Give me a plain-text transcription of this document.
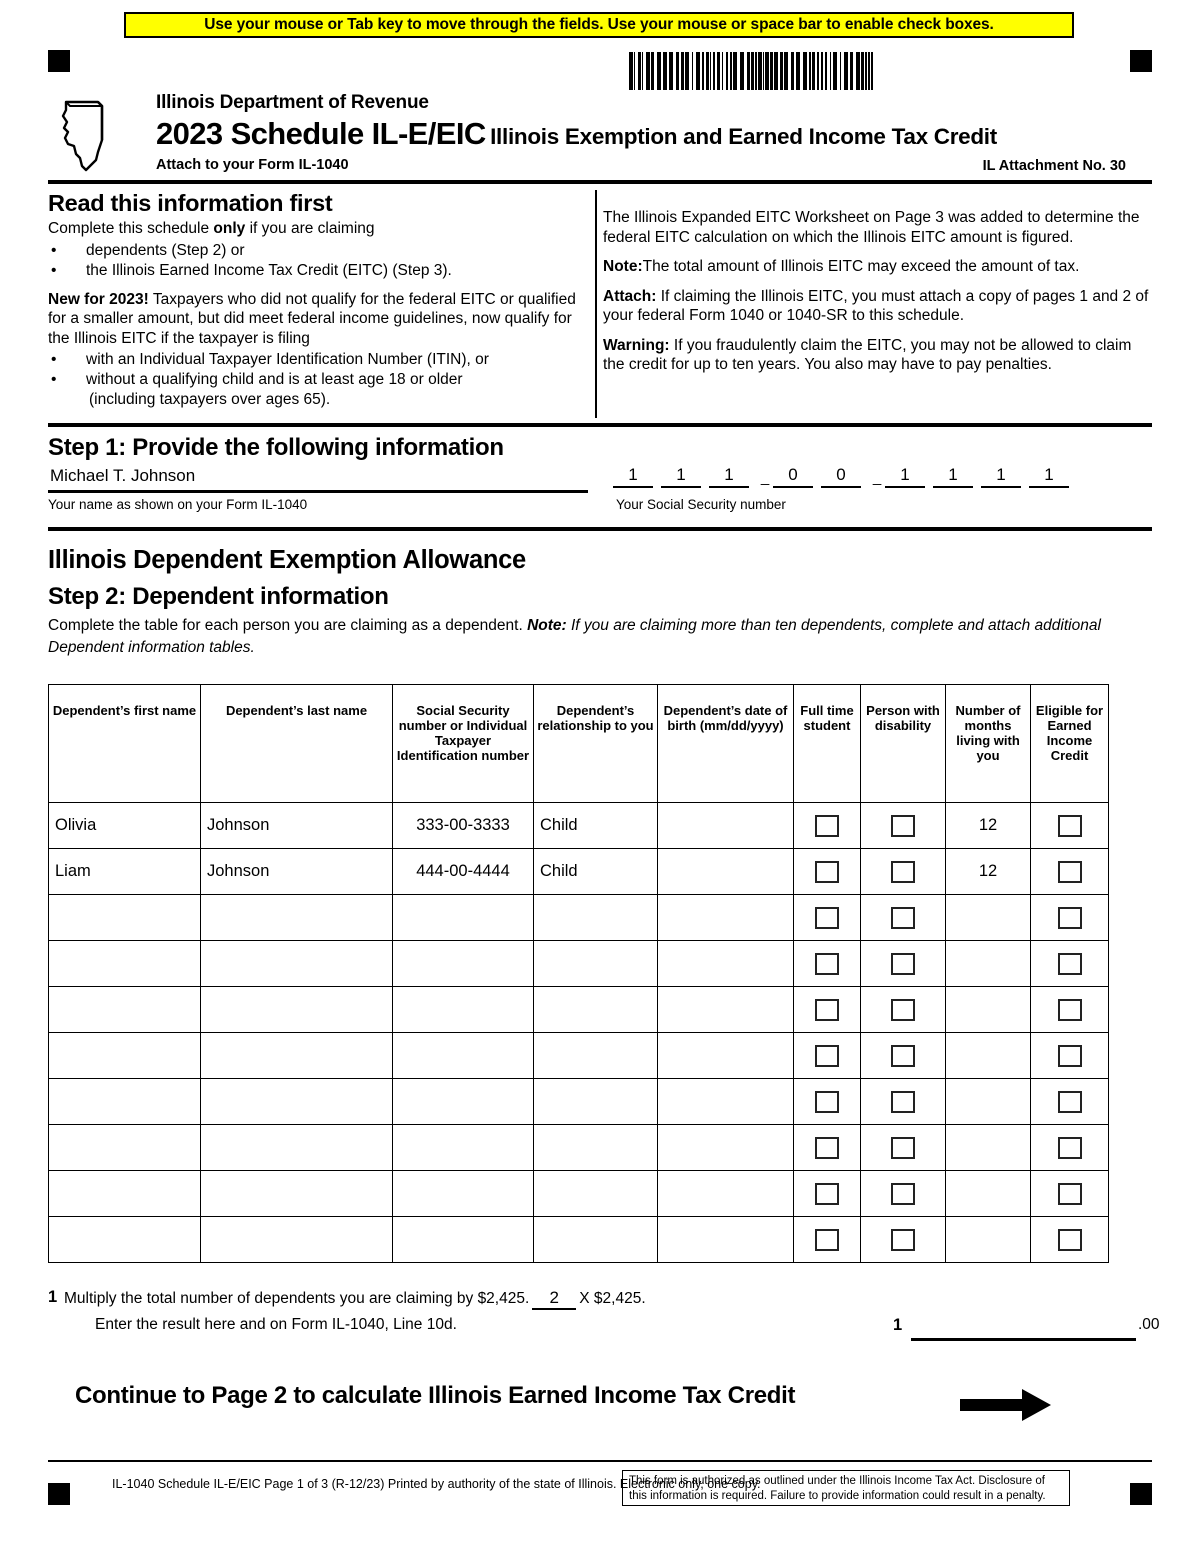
Use your mouse or Tab key to move through the fields. Use your mouse or space bar to enable check boxes.
Illinois Department of Revenue
2023 Schedule IL-E/EIC Illinois Exemption and Earned Income Tax Credit
Attach to your Form IL-1040	IL Attachment No. 30
Read this information first
Complete this schedule only if you are claiming
•	dependents (Step 2) or
•	the Illinois Earned Income Tax Credit (EITC) (Step 3).
New for 2023! Taxpayers who did not qualify for the federal EITC or qualified for a smaller amount, but did meet federal income guidelines, now qualify for the Illinois EITC if the taxpayer is filing
•	with an Individual Taxpayer Identification Number (ITIN), or
•	without a qualifying child and is at least age 18 or older
(including taxpayers over ages 65).
The Illinois Expanded EITC Worksheet on Page 3 was added to determine the federal EITC calculation on which the Illinois EITC amount is figured.
Note:The total amount of Illinois EITC may exceed the amount of tax.
Attach: If claiming the Illinois EITC, you must attach a copy of pages 1 and 2 of your federal Form 1040 or 1040-SR to this schedule.
Warning: If you fraudulently claim the EITC, you may not be allowed to claim the credit for up to ten years. You also may have to pay penalties.
Step 1: Provide the following information
Michael T. Johnson
Your name as shown on your Form IL-1040
1	1	1	_	0	0	_	1	1	1	1
Your Social Security number
Illinois Dependent Exemption Allowance
Step 2: Dependent information
Complete the table for each person you are claiming as a dependent. Note: If you are claiming more than ten dependents, complete and attach additional Dependent information tables.
Dependent’s first name	Dependent’s last name	Social Security number or Individual Taxpayer Identification number	Dependent’s relationship to you	Dependent’s date of birth (mm/dd/yyyy)	Full time student	Person with disability	Number of months living with you	Eligible for Earned Income Credit

Olivia	Johnson	333-00-3333	Child				12	

Liam	Johnson	444-00-4444	Child				12	

1 Multiply the total number of dependents you are claiming by $2,425. 2 X $2,425.
Enter the result here and on Form IL-1040, Line 10d.	1	.00
Continue to Page 2 to calculate Illinois Earned Income Tax Credit
IL-1040 Schedule IL-E/EIC Page 1 of 3 (R-12/23) Printed by authority of the state of Illinois. Electronic only, one copy.
This form is authorized as outlined under the Illinois Income Tax Act. Disclosure of this information is required. Failure to provide information could result in a penalty.
